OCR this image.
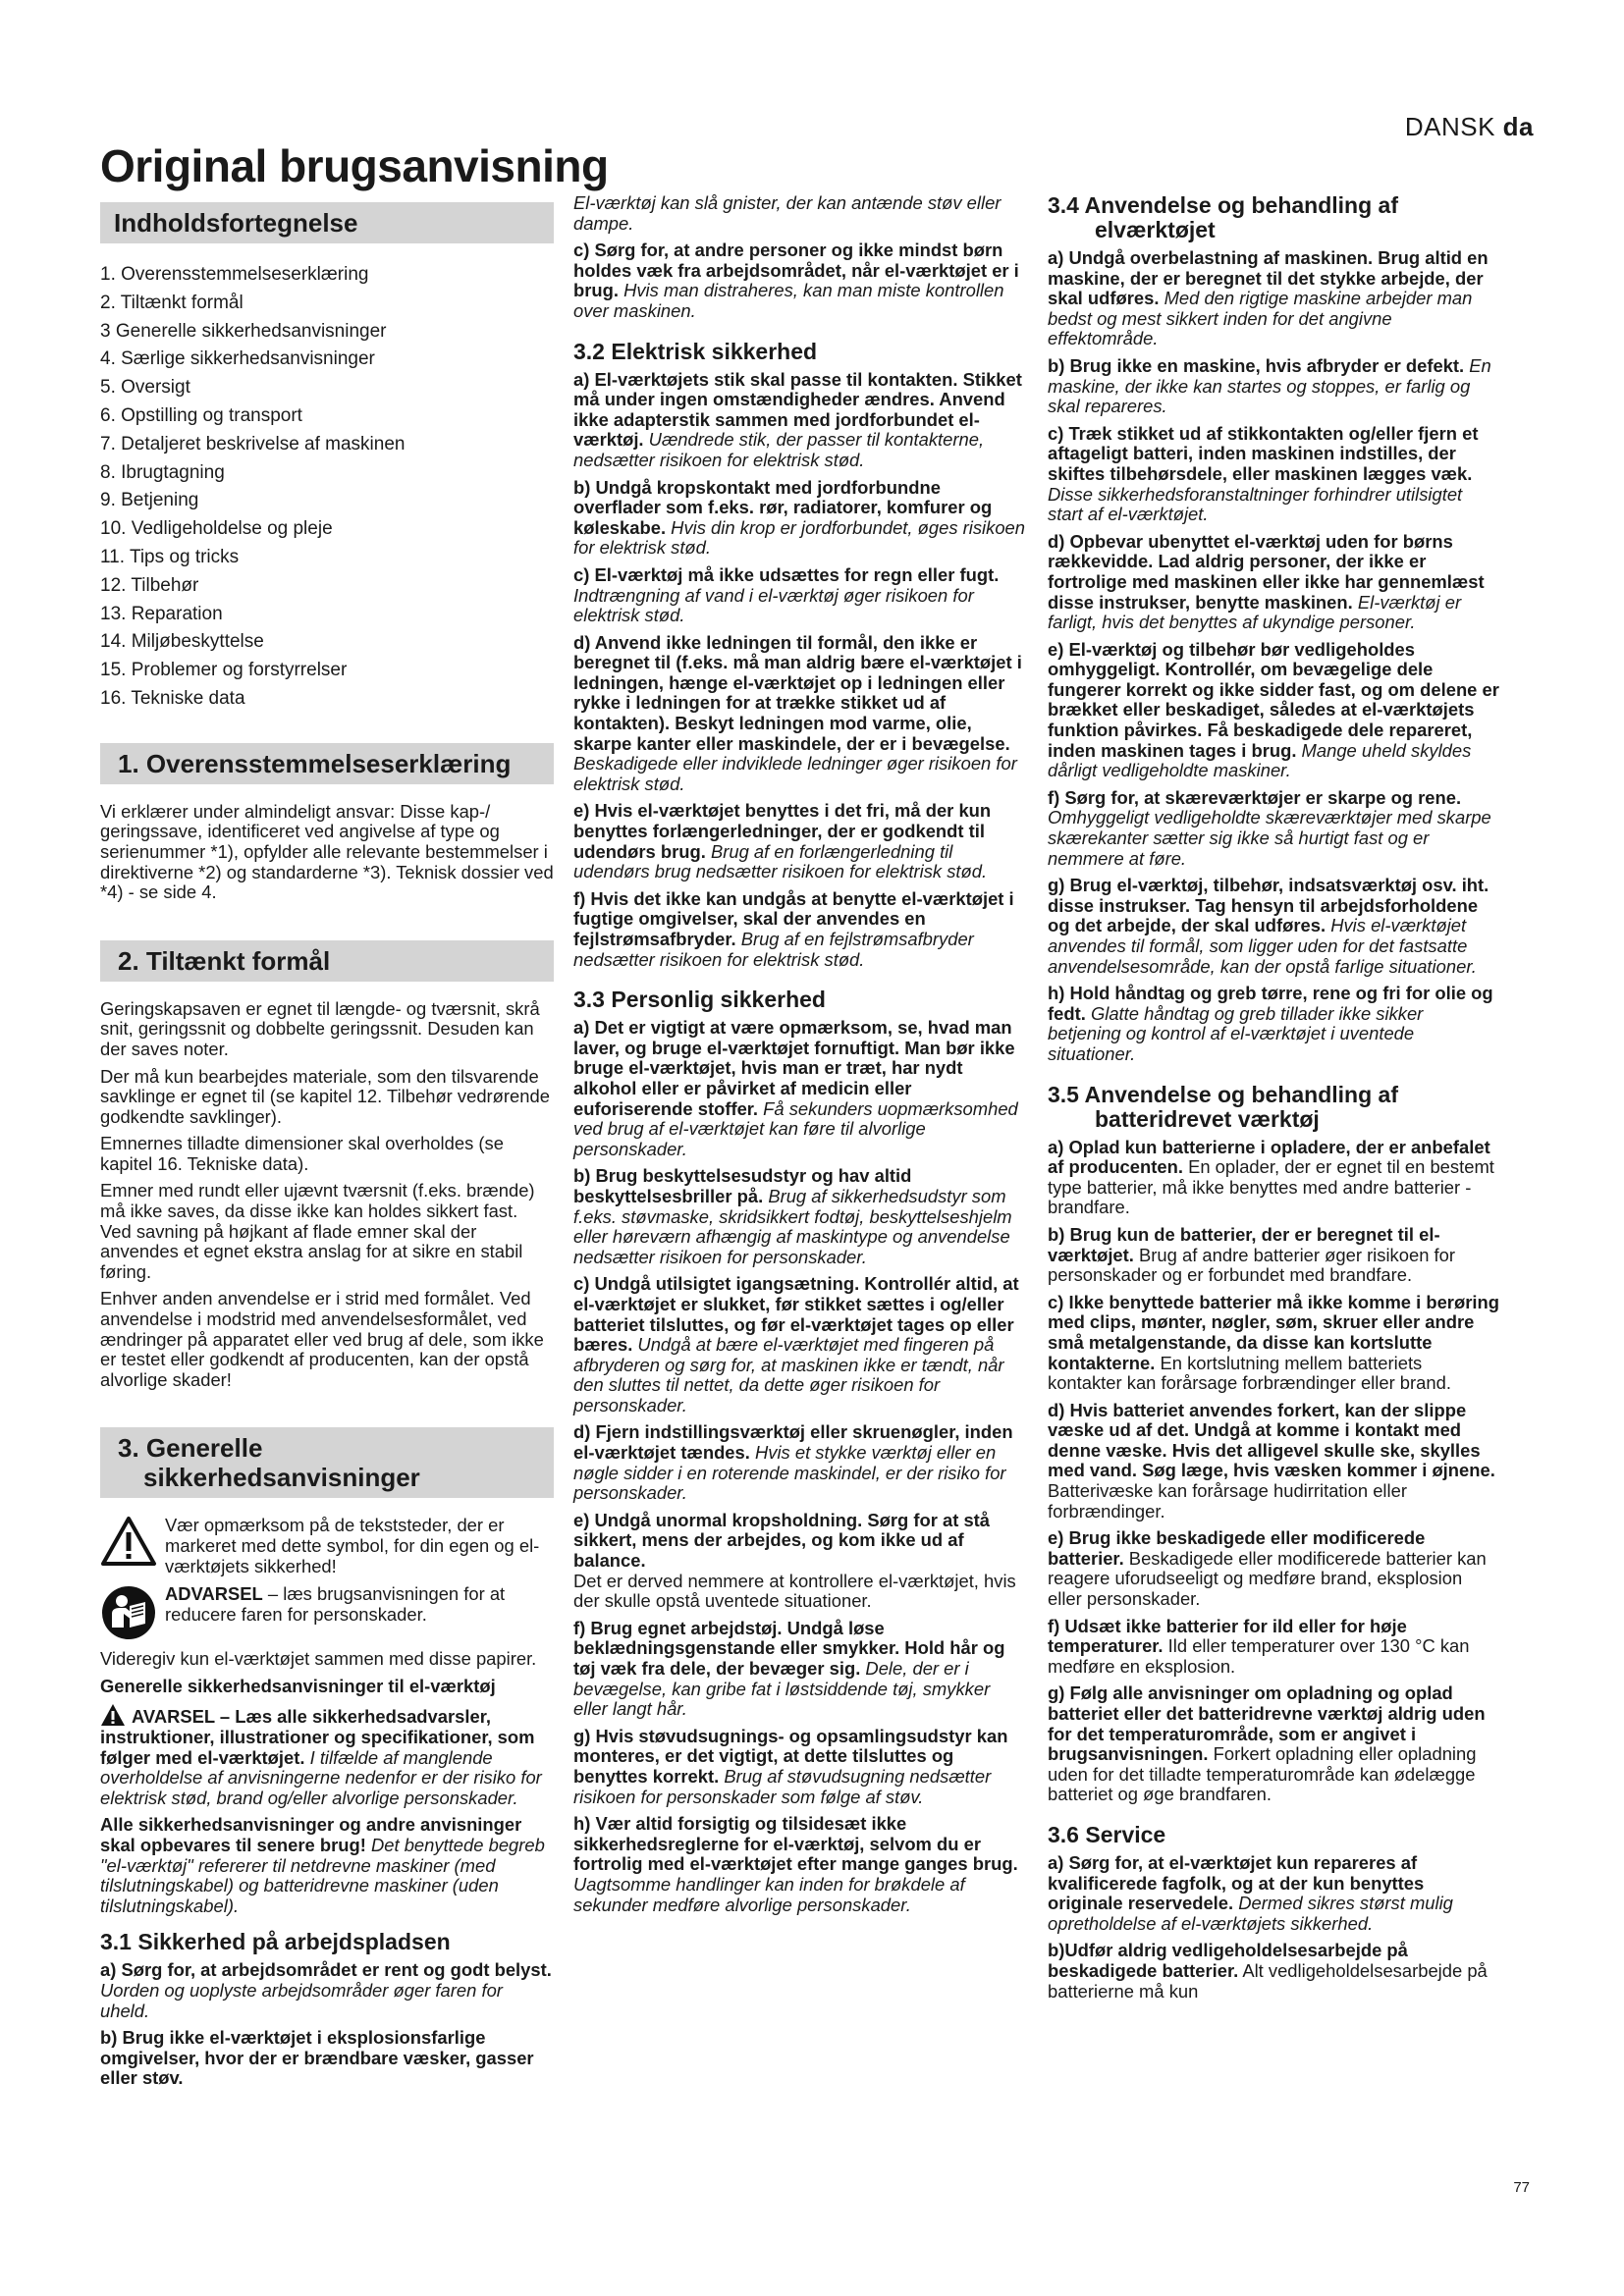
DANSK da
Original brugsanvisning
Indholdsfortegnelse
1. Overensstemmelseserklæring
2. Tiltænkt formål
3 Generelle sikkerhedsanvisninger
4. Særlige sikkerhedsanvisninger
5. Oversigt
6. Opstilling og transport
7. Detaljeret beskrivelse af maskinen
8. Ibrugtagning
9. Betjening
10. Vedligeholdelse og pleje
11. Tips og tricks
12. Tilbehør
13. Reparation
14. Miljøbeskyttelse
15. Problemer og forstyrrelser
16. Tekniske data
1. Overensstemmelseserklæring

Vi erklærer under almindeligt ansvar: Disse kap-/ geringssave, identificeret ved angivelse af type og serienummer *1), opfylder alle relevante bestemmelser i direktiverne *2) og standarderne *3). Teknisk dossier ved *4) - se side 4.

2. Tiltænkt formål

Geringskapsaven er egnet til længde- og tværsnit, skrå snit, geringssnit og dobbelte geringssnit. Desuden kan der saves noter.

Der må kun bearbejdes materiale, som den tilsvarende savklinge er egnet til (se kapitel 12. Tilbehør vedrørende godkendte savklinger).

Emnernes tilladte dimensioner skal overholdes (se kapitel 16. Tekniske data).

Emner med rundt eller ujævnt tværsnit (f.eks. brænde) må ikke saves, da disse ikke kan holdes sikkert fast. Ved savning på højkant af flade emner skal der anvendes et egnet ekstra anslag for at sikre en stabil føring.

Enhver anden anvendelse er i strid med formålet. Ved anvendelse i modstrid med anvendelsesformålet, ved ændringer på apparatet eller ved brug af dele, som ikke er testet eller godkendt af producenten, kan der opstå alvorlige skader!

3. Generelle
sikkerhedsanvisninger
Vær opmærksom på de tekststeder, der er markeret med dette symbol, for din egen og el-værktøjets sikkerhed!
ADVARSEL – læs brugsanvisningen for at reducere faren for personskader.

Videregiv kun el-værktøjet sammen med disse papirer.

Generelle sikkerhedsanvisninger til el-værktøj

AVARSEL – Læs alle sikkerhedsadvarsler, instruktioner, illustrationer og specifikationer, som følger med el-værktøjet. I tilfælde af manglende overholdelse af anvisningerne nedenfor er der risiko for elektrisk stød, brand og/eller alvorlige personskader.

Alle sikkerhedsanvisninger og andre anvisninger skal opbevares til senere brug! Det benyttede begreb "el-værktøj" refererer til netdrevne maskiner (med tilslutningskabel) og batteridrevne maskiner (uden tilslutningskabel).

3.1 Sikkerhed på arbejdspladsen

a) Sørg for, at arbejdsområdet er rent og godt belyst. Uorden og uoplyste arbejdsområder øger faren for uheld.

b) Brug ikke el-værktøjet i eksplosionsfarlige omgivelser, hvor der er brændbare væsker, gasser eller støv.

El-værktøj kan slå gnister, der kan antænde støv eller dampe.

c) Sørg for, at andre personer og ikke mindst børn holdes væk fra arbejdsområdet, når el-værktøjet er i brug. Hvis man distraheres, kan man miste kontrollen over maskinen.

3.2 Elektrisk sikkerhed

a) El-værktøjets stik skal passe til kontakten. Stikket må under ingen omstændigheder ændres. Anvend ikke adapterstik sammen med jordforbundet el-værktøj. Uændrede stik, der passer til kontakterne, nedsætter risikoen for elektrisk stød.

b) Undgå kropskontakt med jordforbundne overflader som f.eks. rør, radiatorer, komfurer og køleskabe. Hvis din krop er jordforbundet, øges risikoen for elektrisk stød.

c) El-værktøj må ikke udsættes for regn eller fugt. Indtrængning af vand i el-værktøj øger risikoen for elektrisk stød.

d) Anvend ikke ledningen til formål, den ikke er beregnet til (f.eks. må man aldrig bære el-værktøjet i ledningen, hænge el-værktøjet op i ledningen eller rykke i ledningen for at trække stikket ud af kontakten). Beskyt ledningen mod varme, olie, skarpe kanter eller maskindele, der er i bevægelse. Beskadigede eller indviklede ledninger øger risikoen for elektrisk stød.

e) Hvis el-værktøjet benyttes i det fri, må der kun benyttes forlængerledninger, der er godkendt til udendørs brug. Brug af en forlængerledning til udendørs brug nedsætter risikoen for elektrisk stød.

f) Hvis det ikke kan undgås at benytte el-værktøjet i fugtige omgivelser, skal der anvendes en fejlstrømsafbryder. Brug af en fejlstrømsafbryder nedsætter risikoen for elektrisk stød.

3.3 Personlig sikkerhed

a) Det er vigtigt at være opmærksom, se, hvad man laver, og bruge el-værktøjet fornuftigt. Man bør ikke bruge el-værktøjet, hvis man er træt, har nydt alkohol eller er påvirket af medicin eller euforiserende stoffer. Få sekunders uopmærksomhed ved brug af el-værktøjet kan føre til alvorlige personskader.

b) Brug beskyttelsesudstyr og hav altid beskyttelsesbriller på. Brug af sikkerhedsudstyr som f.eks. støvmaske, skridsikkert fodtøj, beskyttelseshjelm eller høreværn afhængig af maskintype og anvendelse nedsætter risikoen for personskader.

c) Undgå utilsigtet igangsætning. Kontrollér altid, at el-værktøjet er slukket, før stikket sættes i og/eller batteriet tilsluttes, og før el-værktøjet tages op eller bæres. Undgå at bære el-værktøjet med fingeren på afbryderen og sørg for, at maskinen ikke er tændt, når den sluttes til nettet, da dette øger risikoen for personskader.

d) Fjern indstillingsværktøj eller skruenøgler, inden el-værktøjet tændes. Hvis et stykke værktøj eller en nøgle sidder i en roterende maskindel, er der risiko for personskader.

e) Undgå unormal kropsholdning. Sørg for at stå sikkert, mens der arbejdes, og kom ikke ud af balance.
Det er derved nemmere at kontrollere el-værktøjet, hvis der skulle opstå uventede situationer.

f) Brug egnet arbejdstøj. Undgå løse beklædningsgenstande eller smykker. Hold hår og tøj væk fra dele, der bevæger sig. Dele, der er i bevægelse, kan gribe fat i løstsiddende tøj, smykker eller langt hår.

g) Hvis støvudsugnings- og opsamlingsudstyr kan monteres, er det vigtigt, at dette tilsluttes og benyttes korrekt. Brug af støvudsugning nedsætter risikoen for personskader som følge af støv.

h) Vær altid forsigtig og tilsidesæt ikke sikkerhedsreglerne for el-værktøj, selvom du er fortrolig med el-værktøjet efter mange ganges brug. Uagtsomme handlinger kan inden for brøkdele af sekunder medføre alvorlige personskader.

3.4 Anvendelse og behandling af
elværktøjet

a) Undgå overbelastning af maskinen. Brug altid en maskine, der er beregnet til det stykke arbejde, der skal udføres. Med den rigtige maskine arbejder man bedst og mest sikkert inden for det angivne effektområde.

b) Brug ikke en maskine, hvis afbryder er defekt. En maskine, der ikke kan startes og stoppes, er farlig og skal repareres.

c) Træk stikket ud af stikkontakten og/eller fjern et aftageligt batteri, inden maskinen indstilles, der skiftes tilbehørsdele, eller maskinen lægges væk. Disse sikkerhedsforanstaltninger forhindrer utilsigtet start af el-værktøjet.

d) Opbevar ubenyttet el-værktøj uden for børns rækkevidde. Lad aldrig personer, der ikke er fortrolige med maskinen eller ikke har gennemlæst disse instrukser, benytte maskinen. El-værktøj er farligt, hvis det benyttes af ukyndige personer.

e) El-værktøj og tilbehør bør vedligeholdes omhyggeligt. Kontrollér, om bevægelige dele fungerer korrekt og ikke sidder fast, og om delene er brækket eller beskadiget, således at el-værktøjets funktion påvirkes. Få beskadigede dele repareret, inden maskinen tages i brug. Mange uheld skyldes dårligt vedligeholdte maskiner.

f) Sørg for, at skæreværktøjer er skarpe og rene. Omhyggeligt vedligeholdte skæreværktøjer med skarpe skærekanter sætter sig ikke så hurtigt fast og er nemmere at føre.

g) Brug el-værktøj, tilbehør, indsatsværktøj osv. iht. disse instrukser. Tag hensyn til arbejdsforholdene og det arbejde, der skal udføres. Hvis el-værktøjet anvendes til formål, som ligger uden for det fastsatte anvendelsesområde, kan der opstå farlige situationer.

h) Hold håndtag og greb tørre, rene og fri for olie og fedt. Glatte håndtag og greb tillader ikke sikker betjening og kontrol af el-værktøjet i uventede situationer.

3.5 Anvendelse og behandling af
batteridrevet værktøj

a) Oplad kun batterierne i opladere, der er anbefalet af producenten. En oplader, der er egnet til en bestemt type batterier, må ikke benyttes med andre batterier - brandfare.

b) Brug kun de batterier, der er beregnet til el-værktøjet. Brug af andre batterier øger risikoen for personskader og er forbundet med brandfare.

c) Ikke benyttede batterier må ikke komme i berøring med clips, mønter, nøgler, søm, skruer eller andre små metalgenstande, da disse kan kortslutte kontakterne. En kortslutning mellem batteriets kontakter kan forårsage forbrændinger eller brand.

d) Hvis batteriet anvendes forkert, kan der slippe væske ud af det. Undgå at komme i kontakt med denne væske. Hvis det alligevel skulle ske, skylles med vand. Søg læge, hvis væsken kommer i øjnene. Batterivæske kan forårsage hudirritation eller forbrændinger.

e) Brug ikke beskadigede eller modificerede batterier. Beskadigede eller modificerede batterier kan reagere uforudseeligt og medføre brand, eksplosion eller personskader.

f) Udsæt ikke batterier for ild eller for høje temperaturer. Ild eller temperaturer over 130 °C kan medføre en eksplosion.

g) Følg alle anvisninger om opladning og oplad batteriet eller det batteridrevne værktøj aldrig uden for det temperaturområde, som er angivet i brugsanvisningen. Forkert opladning eller opladning uden for det tilladte temperaturområde kan ødelægge batteriet og øge brandfaren.

3.6 Service

a) Sørg for, at el-værktøjet kun repareres af kvalificerede fagfolk, og at der kun benyttes originale reservedele. Dermed sikres størst mulig opretholdelse af el-værktøjets sikkerhed.

b)Udfør aldrig vedligeholdelsesarbejde på beskadigede batterier. Alt vedligeholdelsesarbejde på batterierne må kun

77
